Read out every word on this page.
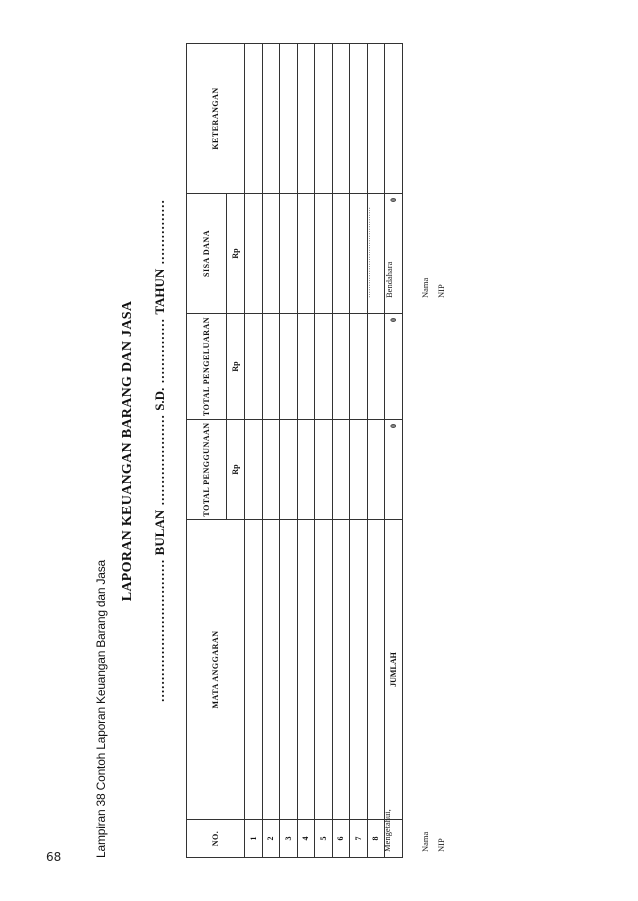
68	Lampiran 38 Contoh Laporan Keuangan Barang dan Jasa
LAPORAN KEUANGAN BARANG DAN JASA
……………………………BULAN…………………S.D.……………TAHUN……………
NO.	MATA ANGGARAN	TOTAL PENGGUNAAN	TOTAL PENGELUARAN	SISA DANA	KETERANGAN
		Rp	Rp	Rp	
1					
2					
3					
4					
5					
6					
7					
8					
	JUMLAH	0	0	0	
Mengetahui,	Nama NIP
………………………………… Bendahara	Nama NIP
